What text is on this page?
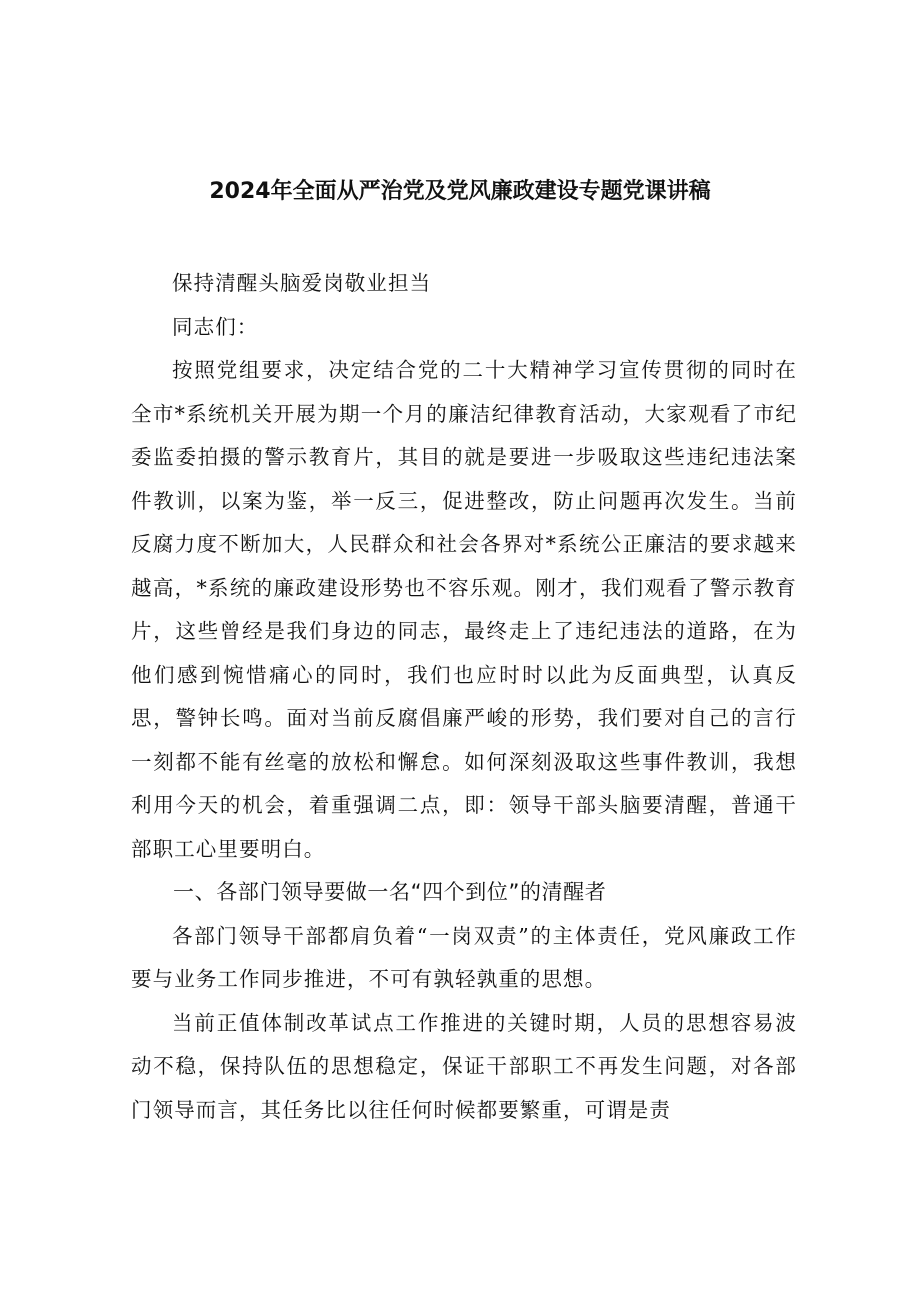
2024年全面从严治党及党风廉政建设专题党课讲稿

保持清醒头脑爱岗敬业担当

同志们：

按照党组要求，决定结合党的二十大精神学习宣传贯彻的同时在全市*系统机关开展为期一个月的廉洁纪律教育活动，大家观看了市纪委监委拍摄的警示教育片，其目的就是要进一步吸取这些违纪违法案件教训，以案为鉴，举一反三，促进整改，防止问题再次发生。当前反腐力度不断加大，人民群众和社会各界对*系统公正廉洁的要求越来越高，*系统的廉政建设形势也不容乐观。刚才，我们观看了警示教育片，这些曾经是我们身边的同志，最终走上了违纪违法的道路，在为他们感到惋惜痛心的同时，我们也应时时以此为反面典型，认真反思，警钟长鸣。面对当前反腐倡廉严峻的形势，我们要对自己的言行一刻都不能有丝毫的放松和懈怠。如何深刻汲取这些事件教训，我想利用今天的机会，着重强调二点，即：领导干部头脑要清醒，普通干部职工心里要明白。

一、各部门领导要做一名“四个到位”的清醒者

各部门领导干部都肩负着“一岗双责”的主体责任，党风廉政工作要与业务工作同步推进，不可有孰轻孰重的思想。

当前正值体制改革试点工作推进的关键时期，人员的思想容易波动不稳，保持队伍的思想稳定，保证干部职工不再发生问题，对各部门领导而言，其任务比以往任何时候都要繁重，可谓是责
